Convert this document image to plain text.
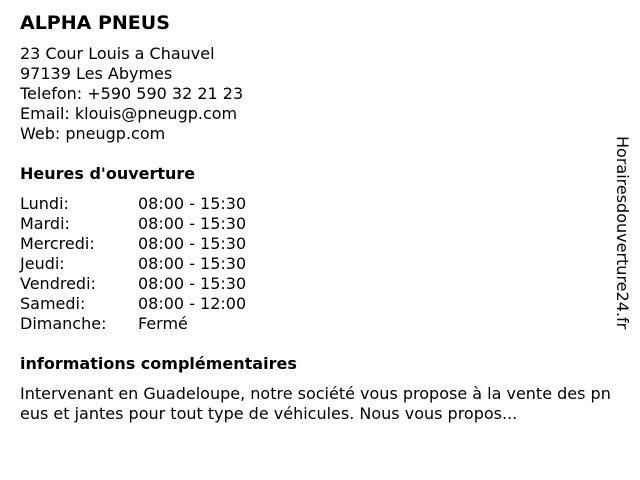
ALPHA PNEUS
23 Cour Louis a Chauvel
97139 Les Abymes
Telefon: +590 590 32 21 23
Email: klouis@pneugp.com
Web: pneugp.com
Heures d'ouverture
Lundi:	08:00 - 15:30
Mardi:	08:00 - 15:30
Mercredi:	08:00 - 15:30
Jeudi:	08:00 - 15:30
Vendredi:	08:00 - 15:30
Samedi:	08:00 - 12:00
Dimanche: Fermé
informations complémentaires
Intervenant en Guadeloupe, notre société vous propose à la vente des pneus et jantes pour tout type de véhicules. Nous vous propos...
Horairesdouverture24.fr
